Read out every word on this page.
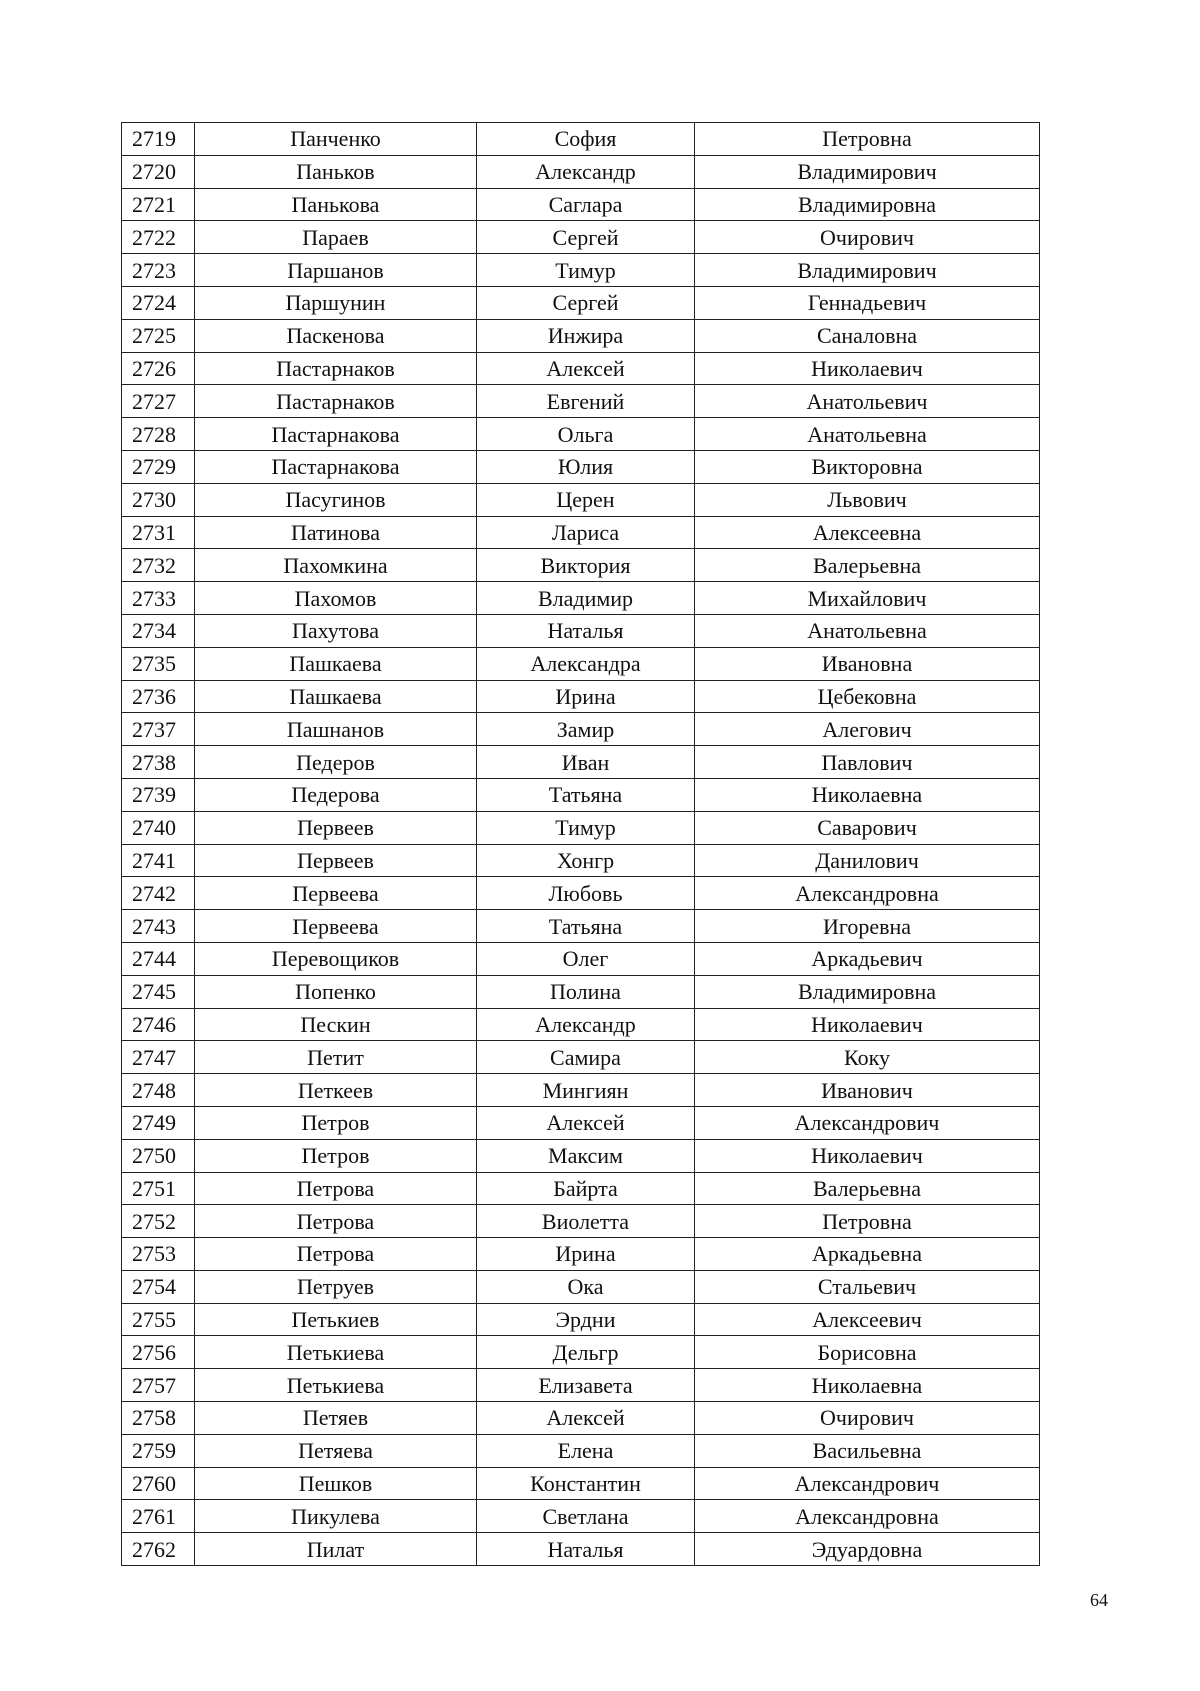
2719	Панченко	София	Петровна
2720	Паньков	Александр	Владимирович
2721	Панькова	Саглара	Владимировна
2722	Параев	Сергей	Очирович
2723	Паршанов	Тимур	Владимирович
2724	Паршунин	Сергей	Геннадьевич
2725	Паскенова	Инжира	Саналовна
2726	Пастарнаков	Алексей	Николаевич
2727	Пастарнаков	Евгений	Анатольевич
2728	Пастарнакова	Ольга	Анатольевна
2729	Пастарнакова	Юлия	Викторовна
2730	Пасугинов	Церен	Львович
2731	Патинова	Лариса	Алексеевна
2732	Пахомкина	Виктория	Валерьевна
2733	Пахомов	Владимир	Михайлович
2734	Пахутова	Наталья	Анатольевна
2735	Пашкаева	Александра	Ивановна
2736	Пашкаева	Ирина	Цебековна
2737	Пашнанов	Замир	Алегович
2738	Педеров	Иван	Павлович
2739	Педерова	Татьяна	Николаевна
2740	Первеев	Тимур	Саварович
2741	Первеев	Хонгр	Данилович
2742	Первеева	Любовь	Александровна
2743	Первеева	Татьяна	Игоревна
2744	Перевощиков	Олег	Аркадьевич
2745	Попенко	Полина	Владимировна
2746	Пескин	Александр	Николаевич
2747	Петит	Самира	Коку
2748	Петкеев	Мингиян	Иванович
2749	Петров	Алексей	Александрович
2750	Петров	Максим	Николаевич
2751	Петрова	Байрта	Валерьевна
2752	Петрова	Виолетта	Петровна
2753	Петрова	Ирина	Аркадьевна
2754	Петруев	Ока	Стальевич
2755	Петькиев	Эрдни	Алексеевич
2756	Петькиева	Дельгр	Борисовна
2757	Петькиева	Елизавета	Николаевна
2758	Петяев	Алексей	Очирович
2759	Петяева	Елена	Васильевна
2760	Пешков	Константин	Александрович
2761	Пикулева	Светлана	Александровна
2762	Пилат	Наталья	Эдуардовна
64
